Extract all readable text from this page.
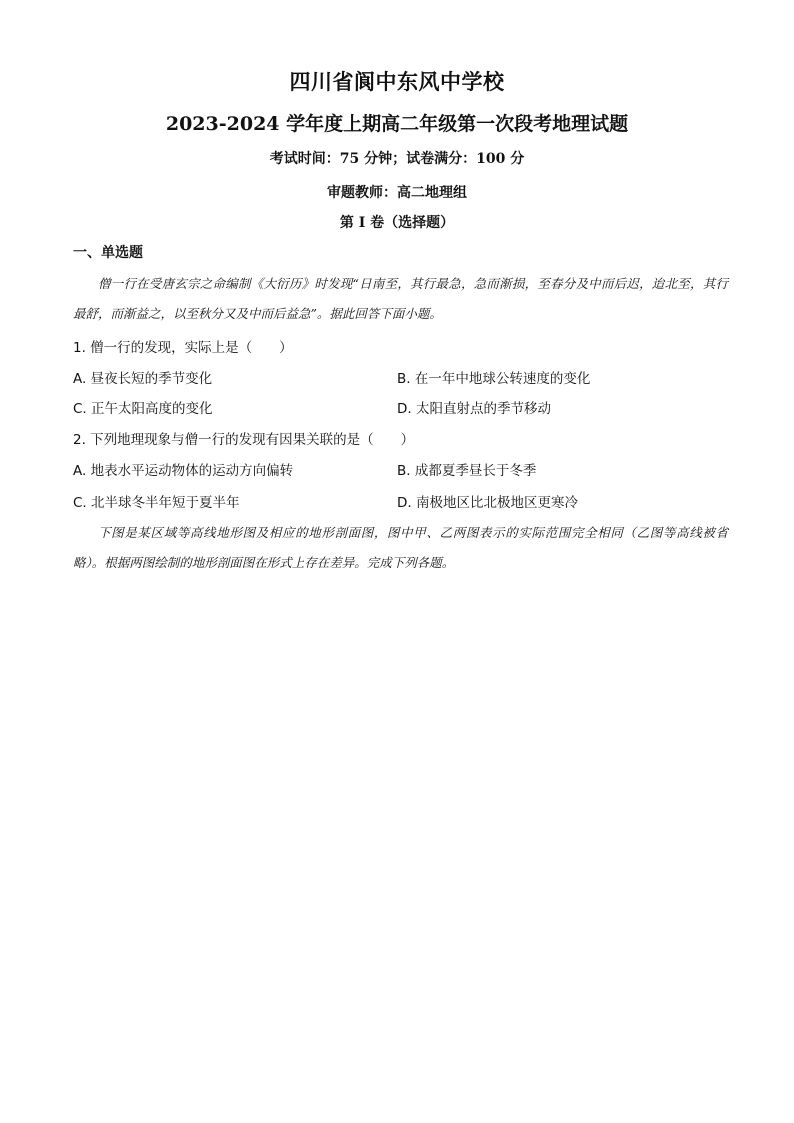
四川省阆中东风中学校
2023-2024 学年度上期高二年级第一次段考地理试题
考试时间：75 分钟；试卷满分：100 分
审题教师：高二地理组
第 I 卷（选择题）
一、单选题
僧一行在受唐玄宗之命编制《大衍历》时发现“日南至，其行最急，急而渐损，至春分及中而后迟，迨北至，其行最舒，而渐益之，以至秋分又及中而后益急”。据此回答下面小题。
1. 僧一行的发现，实际上是（　　）
A. 昼夜长短的季节变化	B. 在一年中地球公转速度的变化
C. 正午太阳高度的变化	D. 太阳直射点的季节移动
2. 下列地理现象与僧一行的发现有因果关联的是（　　）
A. 地表水平运动物体的运动方向偏转	B. 成都夏季昼长于冬季
C. 北半球冬半年短于夏半年	D. 南极地区比北极地区更寒冷
下图是某区域等高线地形图及相应的地形剖面图，图中甲、乙两图表示的实际范围完全相同（乙图等高线被省略）。根据两图绘制的地形剖面图在形式上存在差异。完成下列各题。
